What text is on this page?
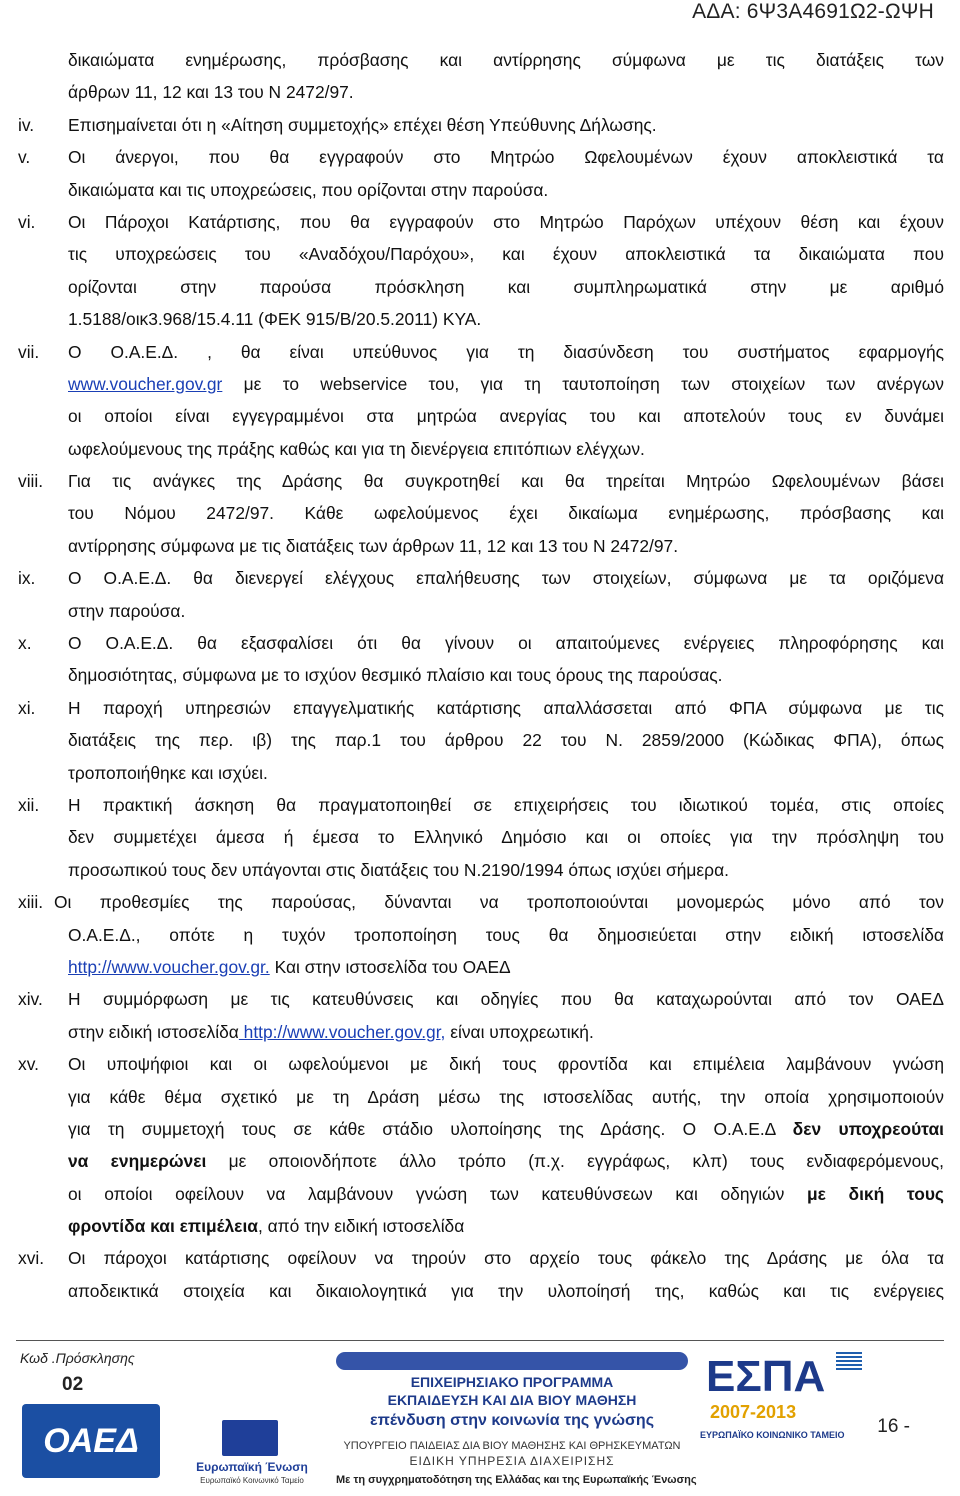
ΑΔΑ: 6Ψ3Α4691Ω2-ΩΨΗ
δικαιώματα ενημέρωσης, πρόσβασης και αντίρρησης σύμφωνα με τις διατάξεις των
άρθρων 11, 12 και 13 του Ν 2472/97.
iv. Επισημαίνεται ότι η «Αίτηση συμμετοχής» επέχει θέση Υπεύθυνης Δήλωσης.
v. Οι άνεργοι, που θα εγγραφούν στο Μητρώο Ωφελουμένων έχουν αποκλειστικά τα
δικαιώματα και τις υποχρεώσεις, που ορίζονται στην παρούσα.
vi. Οι Πάροχοι Κατάρτισης, που θα εγγραφούν στο Μητρώο Παρόχων υπέχουν θέση και έχουν
τις υποχρεώσεις του «Αναδόχου/Παρόχου», και έχουν αποκλειστικά τα δικαιώματα που
ορίζονται στην παρούσα πρόσκληση και συμπληρωματικά στην με αριθμό
1.5188/οικ3.968/15.4.11 (ΦΕΚ 915/Β/20.5.2011) ΚΥΑ.
vii. Ο Ο.Α.Ε.Δ. , θα είναι υπεύθυνος για τη διασύνδεση του συστήματος εφαρμογής
www.voucher.gov.gr με το webservice του, για τη ταυτοποίηση των στοιχείων των ανέργων
οι οποίοι είναι εγγεγραμμένοι στα μητρώα ανεργίας του και αποτελούν τους εν δυνάμει
ωφελούμενους της πράξης καθώς και για τη διενέργεια επιτόπιων ελέγχων.
viii. Για τις ανάγκες της Δράσης θα συγκροτηθεί και θα τηρείται Μητρώο Ωφελουμένων βάσει
του Νόμου 2472/97. Κάθε ωφελούμενος έχει δικαίωμα ενημέρωσης, πρόσβασης και
αντίρρησης σύμφωνα με τις διατάξεις των άρθρων 11, 12 και 13 του Ν 2472/97.
ix. Ο Ο.Α.Ε.Δ. θα διενεργεί ελέγχους επαλήθευσης των στοιχείων, σύμφωνα με τα οριζόμενα
στην παρούσα.
x. Ο Ο.Α.Ε.Δ. θα εξασφαλίσει ότι θα γίνουν οι απαιτούμενες ενέργειες πληροφόρησης και
δημοσιότητας, σύμφωνα με το ισχύον θεσμικό πλαίσιο και τους όρους της παρούσας.
xi. Η παροχή υπηρεσιών επαγγελματικής κατάρτισης απαλλάσσεται από ΦΠΑ σύμφωνα με τις
διατάξεις της περ. ιβ) της παρ.1 του άρθρου 22 του Ν. 2859/2000 (Κώδικας ΦΠΑ), όπως
τροποποιήθηκε και ισχύει.
xii. Η πρακτική άσκηση θα πραγματοποιηθεί σε επιχειρήσεις του ιδιωτικού τομέα, στις οποίες
δεν συμμετέχει άμεσα ή έμεσα το Ελληνικό Δημόσιο και οι οποίες για την πρόσληψη του
προσωπικού τους δεν υπάγονται στις διατάξεις του Ν.2190/1994 όπως ισχύει σήμερα.
xiii. Οι προθεσμίες της παρούσας, δύνανται να τροποποιούνται μονομερώς μόνο από τον
Ο.Α.Ε.Δ., οπότε η τυχόν τροποποίηση τους θα δημοσιεύεται στην ειδική ιστοσελίδα
http://www.voucher.gov.gr. Και στην ιστοσελίδα του ΟΑΕΔ
xiv. Η συμμόρφωση με τις κατευθύνσεις και οδηγίες που θα καταχωρούνται από τον ΟΑΕΔ
στην ειδική ιστοσελίδα http://www.voucher.gov.gr, είναι υποχρεωτική.
xv. Οι υποψήφιοι και οι ωφελούμενοι με δική τους φροντίδα και επιμέλεια λαμβάνουν γνώση
για κάθε θέμα σχετικό με τη Δράση μέσω της ιστοσελίδας αυτής, την οποία χρησιμοποιούν
για τη συμμετοχή τους σε κάθε στάδιο υλοποίησης της Δράσης. Ο Ο.Α.Ε.Δ δεν υποχρεούται
να ενημερώνει με οποιονδήποτε άλλο τρόπο (π.χ. εγγράφως, κλπ) τους ενδιαφερόμενους,
οι οποίοι οφείλουν να λαμβάνουν γνώση των κατευθύνσεων και οδηγιών με δική τους
φροντίδα και επιμέλεια, από την ειδική ιστοσελίδα
xvi. Οι πάροχοι κατάρτισης οφείλουν να τηρούν στο αρχείο τους φάκελο της Δράσης με όλα τα
αποδεικτικά στοιχεία και δικαιολογητικά για την υλοποίησή της, καθώς και τις ενέργειες
Κωδ .Πρόσκλησης
02
ΟΑΕΔ
Ευρωπαϊκή Ένωση
Ευρωπαϊκό Κοινωνικό Ταμείο
ΕΠΙΧΕΙΡΗΣΙΑΚΟ ΠΡΟΓΡΑΜΜΑ
ΕΚΠΑΙΔΕΥΣΗ ΚΑΙ ΔΙΑ ΒΙΟΥ ΜΑΘΗΣΗ
επένδυση στην κοινωνία της γνώσης
ΥΠΟΥΡΓΕΙΟ ΠΑΙΔΕΙΑΣ ΔΙΑ ΒΙΟΥ ΜΑΘΗΣΗΣ ΚΑΙ ΘΡΗΣΚΕΥΜΑΤΩΝ
ΕΙΔΙΚΗ ΥΠΗΡΕΣΙΑ ΔΙΑΧΕΙΡΙΣΗΣ
Με τη συγχρηματοδότηση της Ελλάδας και της Ευρωπαϊκής Ένωσης
ΕΣΠΑ
2007-2013
ΕΥΡΩΠΑΪΚΟ ΚΟΙΝΩΝΙΚΟ ΤΑΜΕΙΟ 16 -
